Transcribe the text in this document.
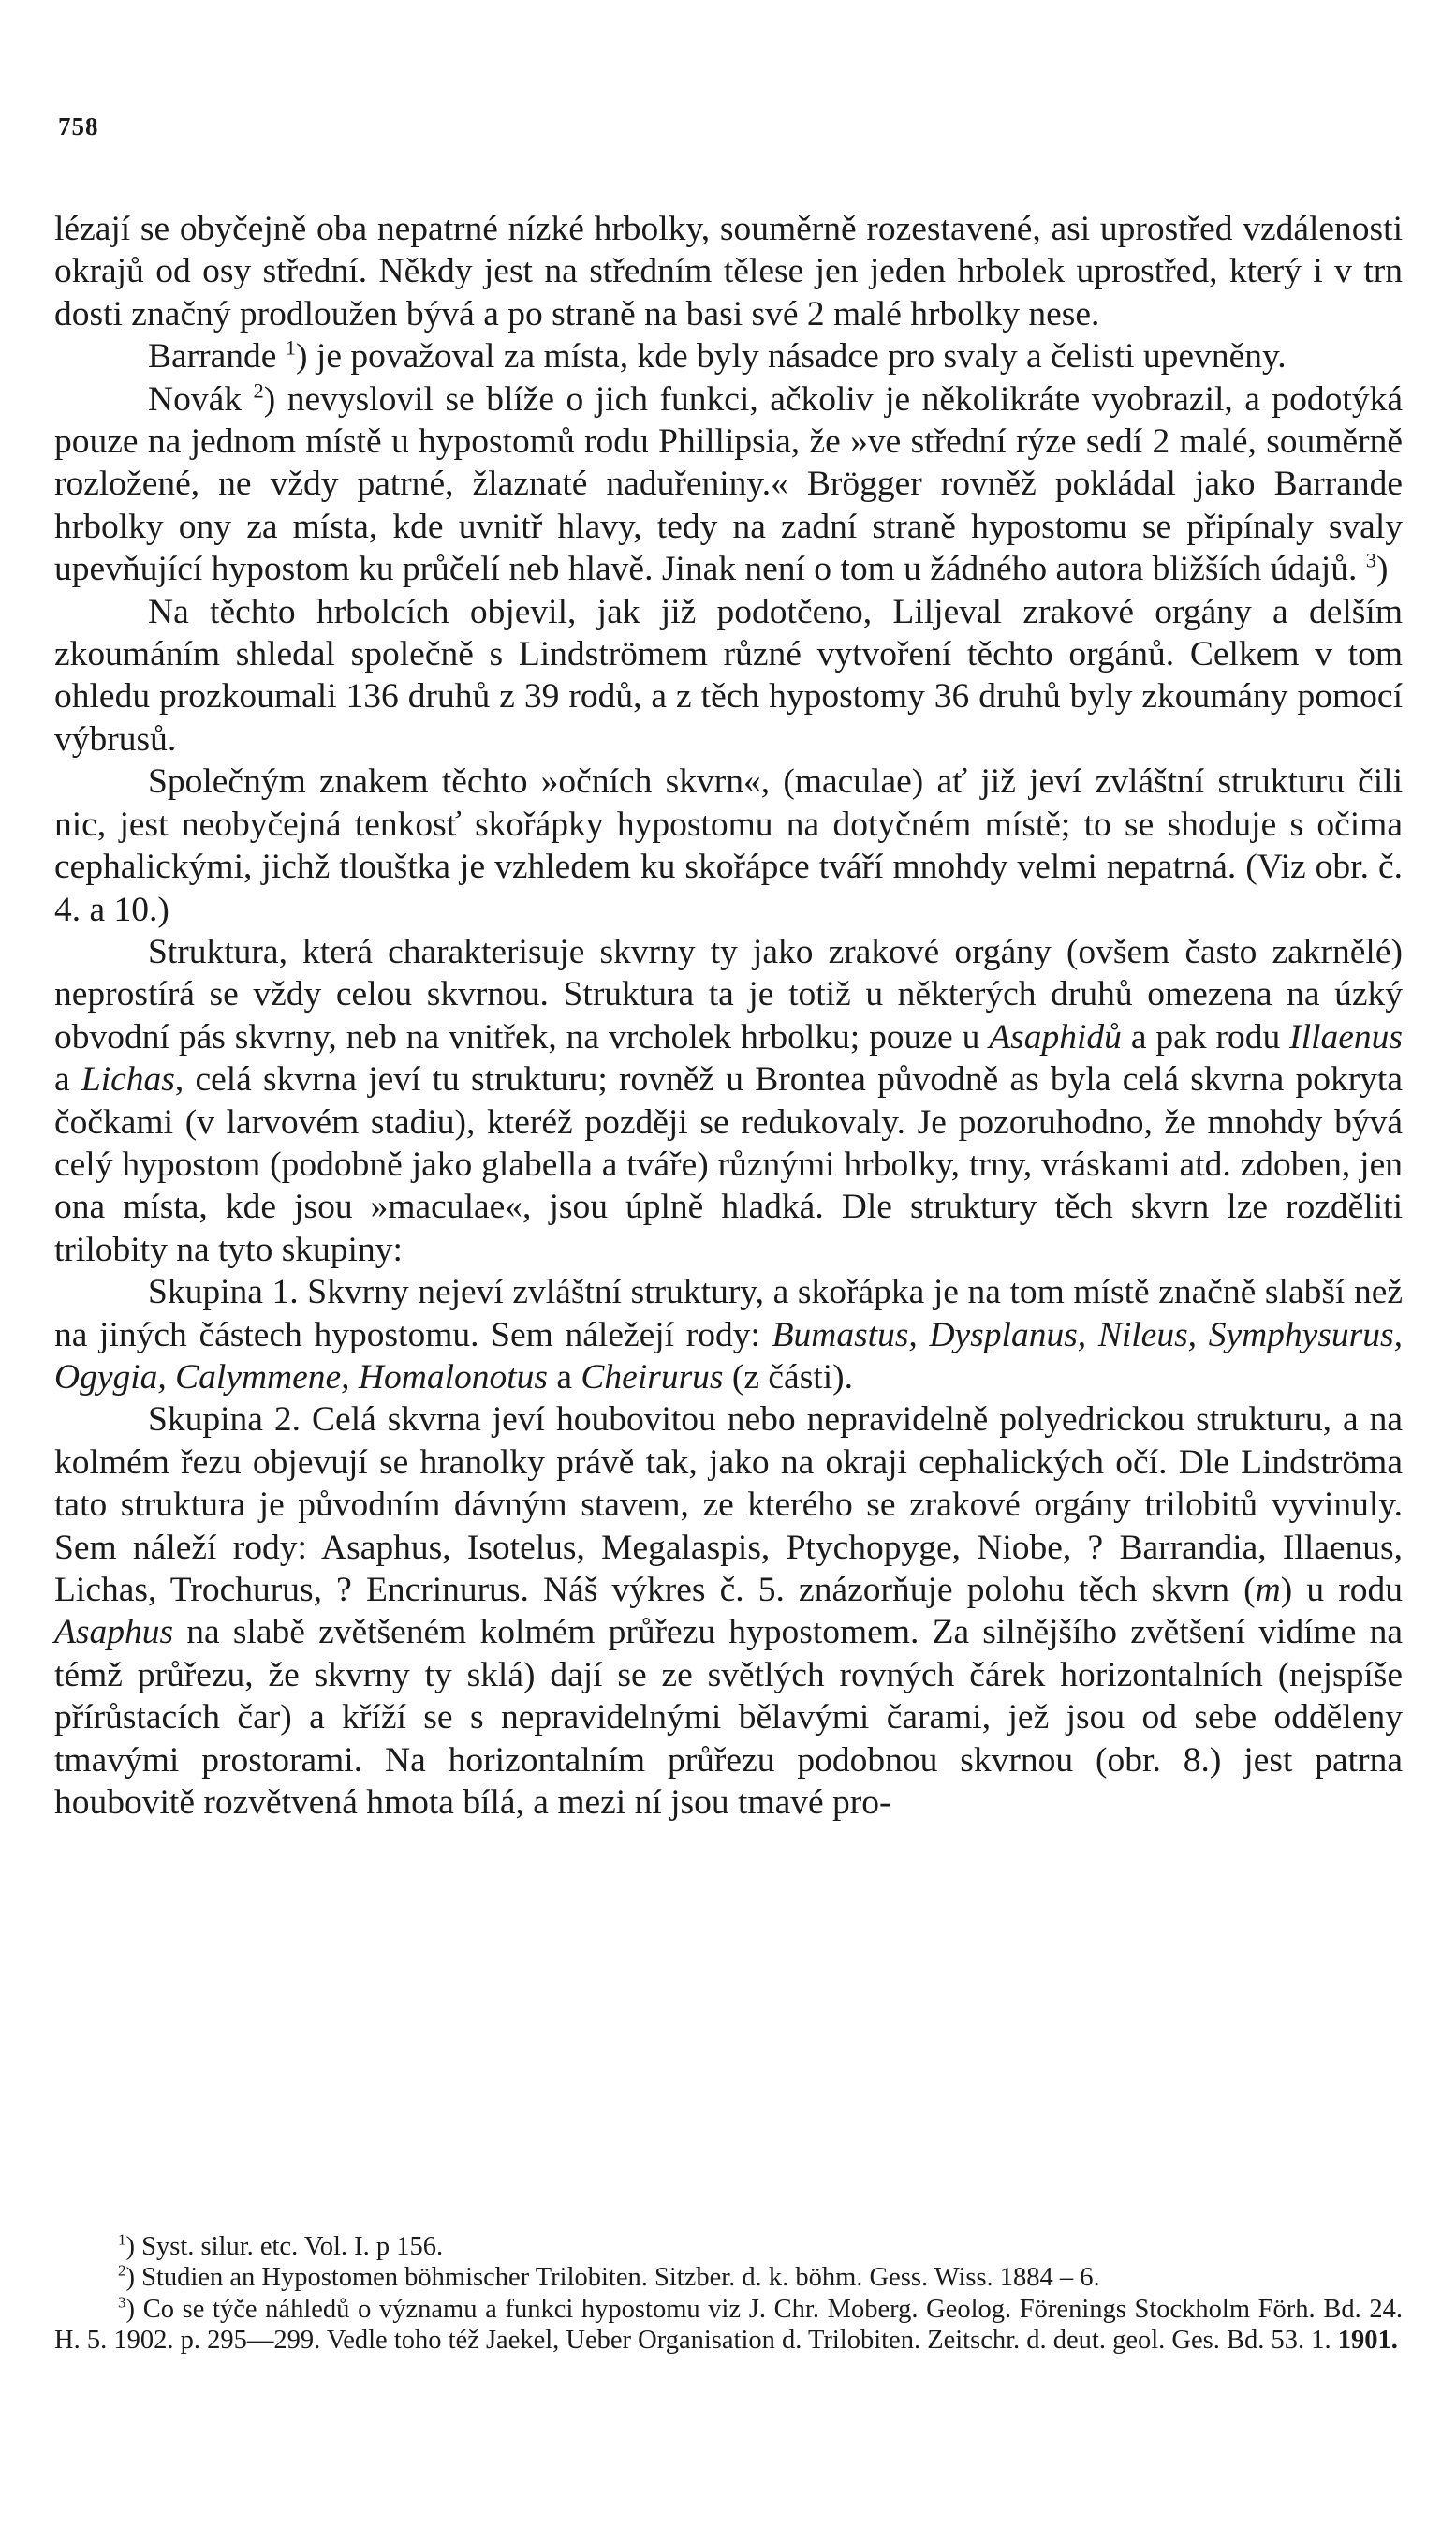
758

lézají se obyčejně oba nepatrné nízké hrbolky, souměrně rozestavené, asi uprostřed vzdálenosti okrajů od osy střední. Někdy jest na středním tělese jen jeden hrbolek uprostřed, který i v trn dosti značný prodloužen bývá a po straně na basi své 2 malé hrbolky nese.

Barrande $^1$) je považoval za místa, kde byly násadce pro svaly a čelisti upevněny.

Novák $^2$) nevyslovil se blíže o jich funkci, ačkoliv je několikráte vyobrazil, a podotýká pouze na jednom místě u hypostomů rodu Phillipsia, že »ve střední rýze sedí 2 malé, souměrně rozložené, ne vždy patrné, žlaznaté naduřeniny.« Brögger rovněž pokládal jako Barrande hrbolky ony za místa, kde uvnitř hlavy, tedy na zadní straně hypostomu se připínaly svaly upevňující hypostom ku průčelí neb hlavě. Jinak není o tom u žádného autora bližších údajů. $^3$)

Na těchto hrbolcích objevil, jak již podotčeno, Liljeval zrakové orgány a delším zkoumáním shledal společně s Lindströmem různé vytvoření těchto orgánů. Celkem v tom ohledu prozkoumali 136 druhů z 39 rodů, a z těch hypostomy 36 druhů byly zkoumány pomocí výbrusů.

Společným znakem těchto »očních skvrn«, (maculae) ať již jeví zvláštní strukturu čili nic, jest neobyčejná tenkosť skořápky hypostomu na dotyčném místě; to se shoduje s očima cephalickými, jichž tlouštka je vzhledem ku skořápce tváří mnohdy velmi nepatrná. (Viz obr. č. 4. a 10.)

Struktura, která charakterisuje skvrny ty jako zrakové orgány (ovšem často zakrnělé) neprostírá se vždy celou skvrnou. Struktura ta je totiž u některých druhů omezena na úzký obvodní pás skvrny, neb na vnitřek, na vrcholek hrbolku; pouze u Asaphidů a pak rodu Illaenus a Lichas, celá skvrna jeví tu strukturu; rovněž u Brontea původně as byla celá skvrna pokryta čočkami (v larvovém stadiu), kteréž později se redukovaly. Je pozoruhodno, že mnohdy bývá celý hypostom (podobně jako glabella a tváře) různými hrbolky, trny, vráskami atd. zdoben, jen ona místa, kde jsou »maculae«, jsou úplně hladká. Dle struktury těch skvrn lze rozděliti trilobity na tyto skupiny:

Skupina 1. Skvrny nejeví zvláštní struktury, a skořápka je na tom místě značně slabší než na jiných částech hypostomu. Sem náležejí rody: Bumastus, Dysplanus, Nileus, Symphysurus, Ogygia, Calymmene, Homalonotus a Cheirurus (z části).

Skupina 2. Celá skvrna jeví houbovitou nebo nepravidelně polyedrickou strukturu, a na kolmém řezu objevují se hranolky právě tak, jako na okraji cephalických očí. Dle Lindströma tato struktura je původním dávným stavem, ze kterého se zrakové orgány trilobitů vyvinuly. Sem náleží rody: Asaphus, Isotelus, Megalaspis, Ptychopyge, Niobe, ? Barrandia, Illaenus, Lichas, Trochurus, ? Encrinurus. Náš výkres č. 5. znázorňuje polohu těch skvrn (m) u rodu Asaphus na slabě zvětšeném kolmém průřezu hypostomem. Za silnějšího zvětšení vidíme na témž průřezu, že skvrny ty sklá) dají se ze světlých rovných čárek horizontalních (nejspíše přírůstacích čar) a kříží se s nepravidelnými bělavými čarami, jež jsou od sebe odděleny tmavými prostorami. Na horizontalním průřezu podobnou skvrnou (obr. 8.) jest patrna houbovitě rozvětvená hmota bílá, a mezi ní jsou tmavé pro-

$^1$) Syst. silur. etc. Vol. I. p 156.

$^2$) Studien an Hypostomen böhmischer Trilobiten. Sitzber. d. k. böhm. Gess. Wiss. 1884 – 6.

$^3$) Co se týče náhledů o významu a funkci hypostomu viz J. Chr. Moberg. Geolog. Förenings Stockholm Förh. Bd. 24. H. 5. 1902. p. 295—299. Vedle toho též Jaekel, Ueber Organisation d. Trilobiten. Zeitschr. d. deut. geol. Ges. Bd. 53. 1. 1901.
